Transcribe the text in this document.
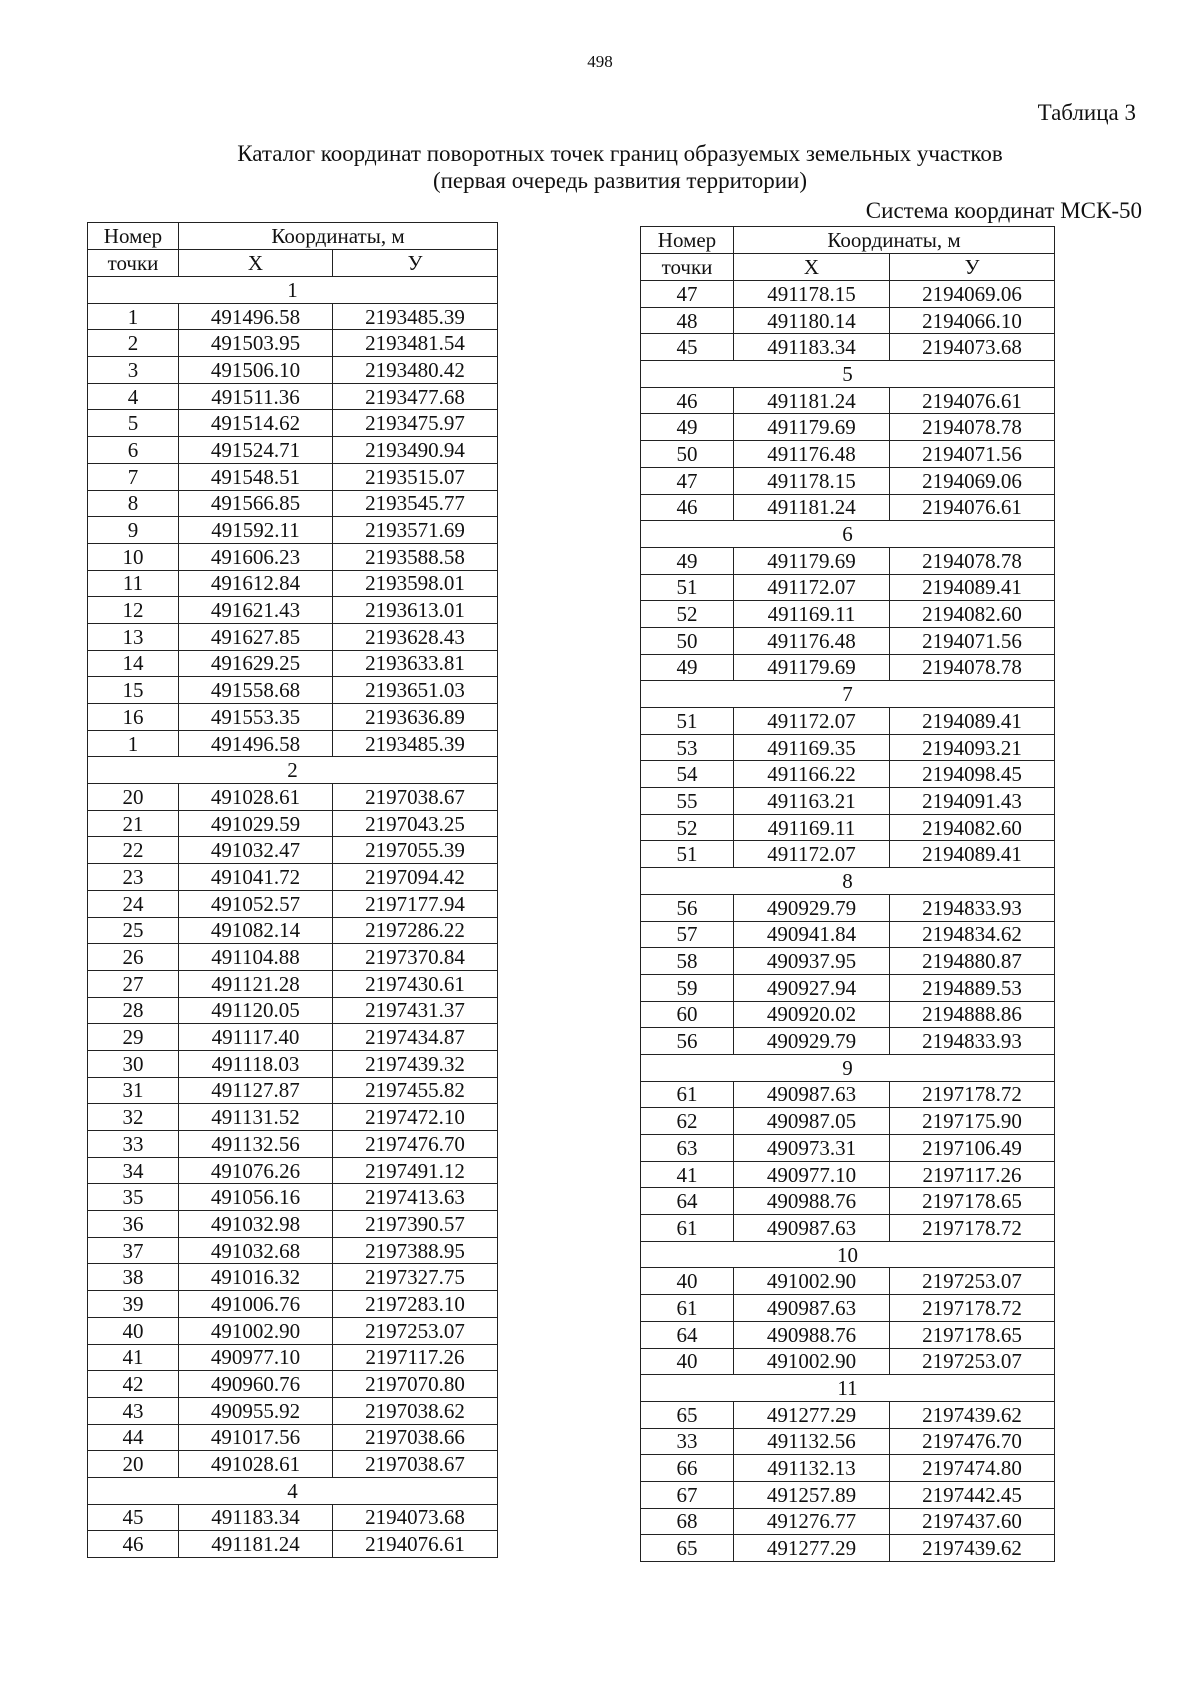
498
Таблица 3
Каталог координат поворотных точек границ образуемых земельных участков
(первая очередь развития территории)
Система координат МСК-50
Номер	Координаты, м	
точки	X	У
1		
1	491496.58	2193485.39
2	491503.95	2193481.54
3	491506.10	2193480.42
4	491511.36	2193477.68
5	491514.62	2193475.97
6	491524.71	2193490.94
7	491548.51	2193515.07
8	491566.85	2193545.77
9	491592.11	2193571.69
10	491606.23	2193588.58
11	491612.84	2193598.01
12	491621.43	2193613.01
13	491627.85	2193628.43
14	491629.25	2193633.81
15	491558.68	2193651.03
16	491553.35	2193636.89
1	491496.58	2193485.39
2		
20	491028.61	2197038.67
21	491029.59	2197043.25
22	491032.47	2197055.39
23	491041.72	2197094.42
24	491052.57	2197177.94
25	491082.14	2197286.22
26	491104.88	2197370.84
27	491121.28	2197430.61
28	491120.05	2197431.37
29	491117.40	2197434.87
30	491118.03	2197439.32
31	491127.87	2197455.82
32	491131.52	2197472.10
33	491132.56	2197476.70
34	491076.26	2197491.12
35	491056.16	2197413.63
36	491032.98	2197390.57
37	491032.68	2197388.95
38	491016.32	2197327.75
39	491006.76	2197283.10
40	491002.90	2197253.07
41	490977.10	2197117.26
42	490960.76	2197070.80
43	490955.92	2197038.62
44	491017.56	2197038.66
20	491028.61	2197038.67
4		
45	491183.34	2194073.68
46	491181.24	2194076.61
Номер	Координаты, м	
точки	X	У
47	491178.15	2194069.06
48	491180.14	2194066.10
45	491183.34	2194073.68
5		
46	491181.24	2194076.61
49	491179.69	2194078.78
50	491176.48	2194071.56
47	491178.15	2194069.06
46	491181.24	2194076.61
6		
49	491179.69	2194078.78
51	491172.07	2194089.41
52	491169.11	2194082.60
50	491176.48	2194071.56
49	491179.69	2194078.78
7		
51	491172.07	2194089.41
53	491169.35	2194093.21
54	491166.22	2194098.45
55	491163.21	2194091.43
52	491169.11	2194082.60
51	491172.07	2194089.41
8		
56	490929.79	2194833.93
57	490941.84	2194834.62
58	490937.95	2194880.87
59	490927.94	2194889.53
60	490920.02	2194888.86
56	490929.79	2194833.93
9		
61	490987.63	2197178.72
62	490987.05	2197175.90
63	490973.31	2197106.49
41	490977.10	2197117.26
64	490988.76	2197178.65
61	490987.63	2197178.72
10		
40	491002.90	2197253.07
61	490987.63	2197178.72
64	490988.76	2197178.65
40	491002.90	2197253.07
11		
65	491277.29	2197439.62
33	491132.56	2197476.70
66	491132.13	2197474.80
67	491257.89	2197442.45
68	491276.77	2197437.60
65	491277.29	2197439.62
